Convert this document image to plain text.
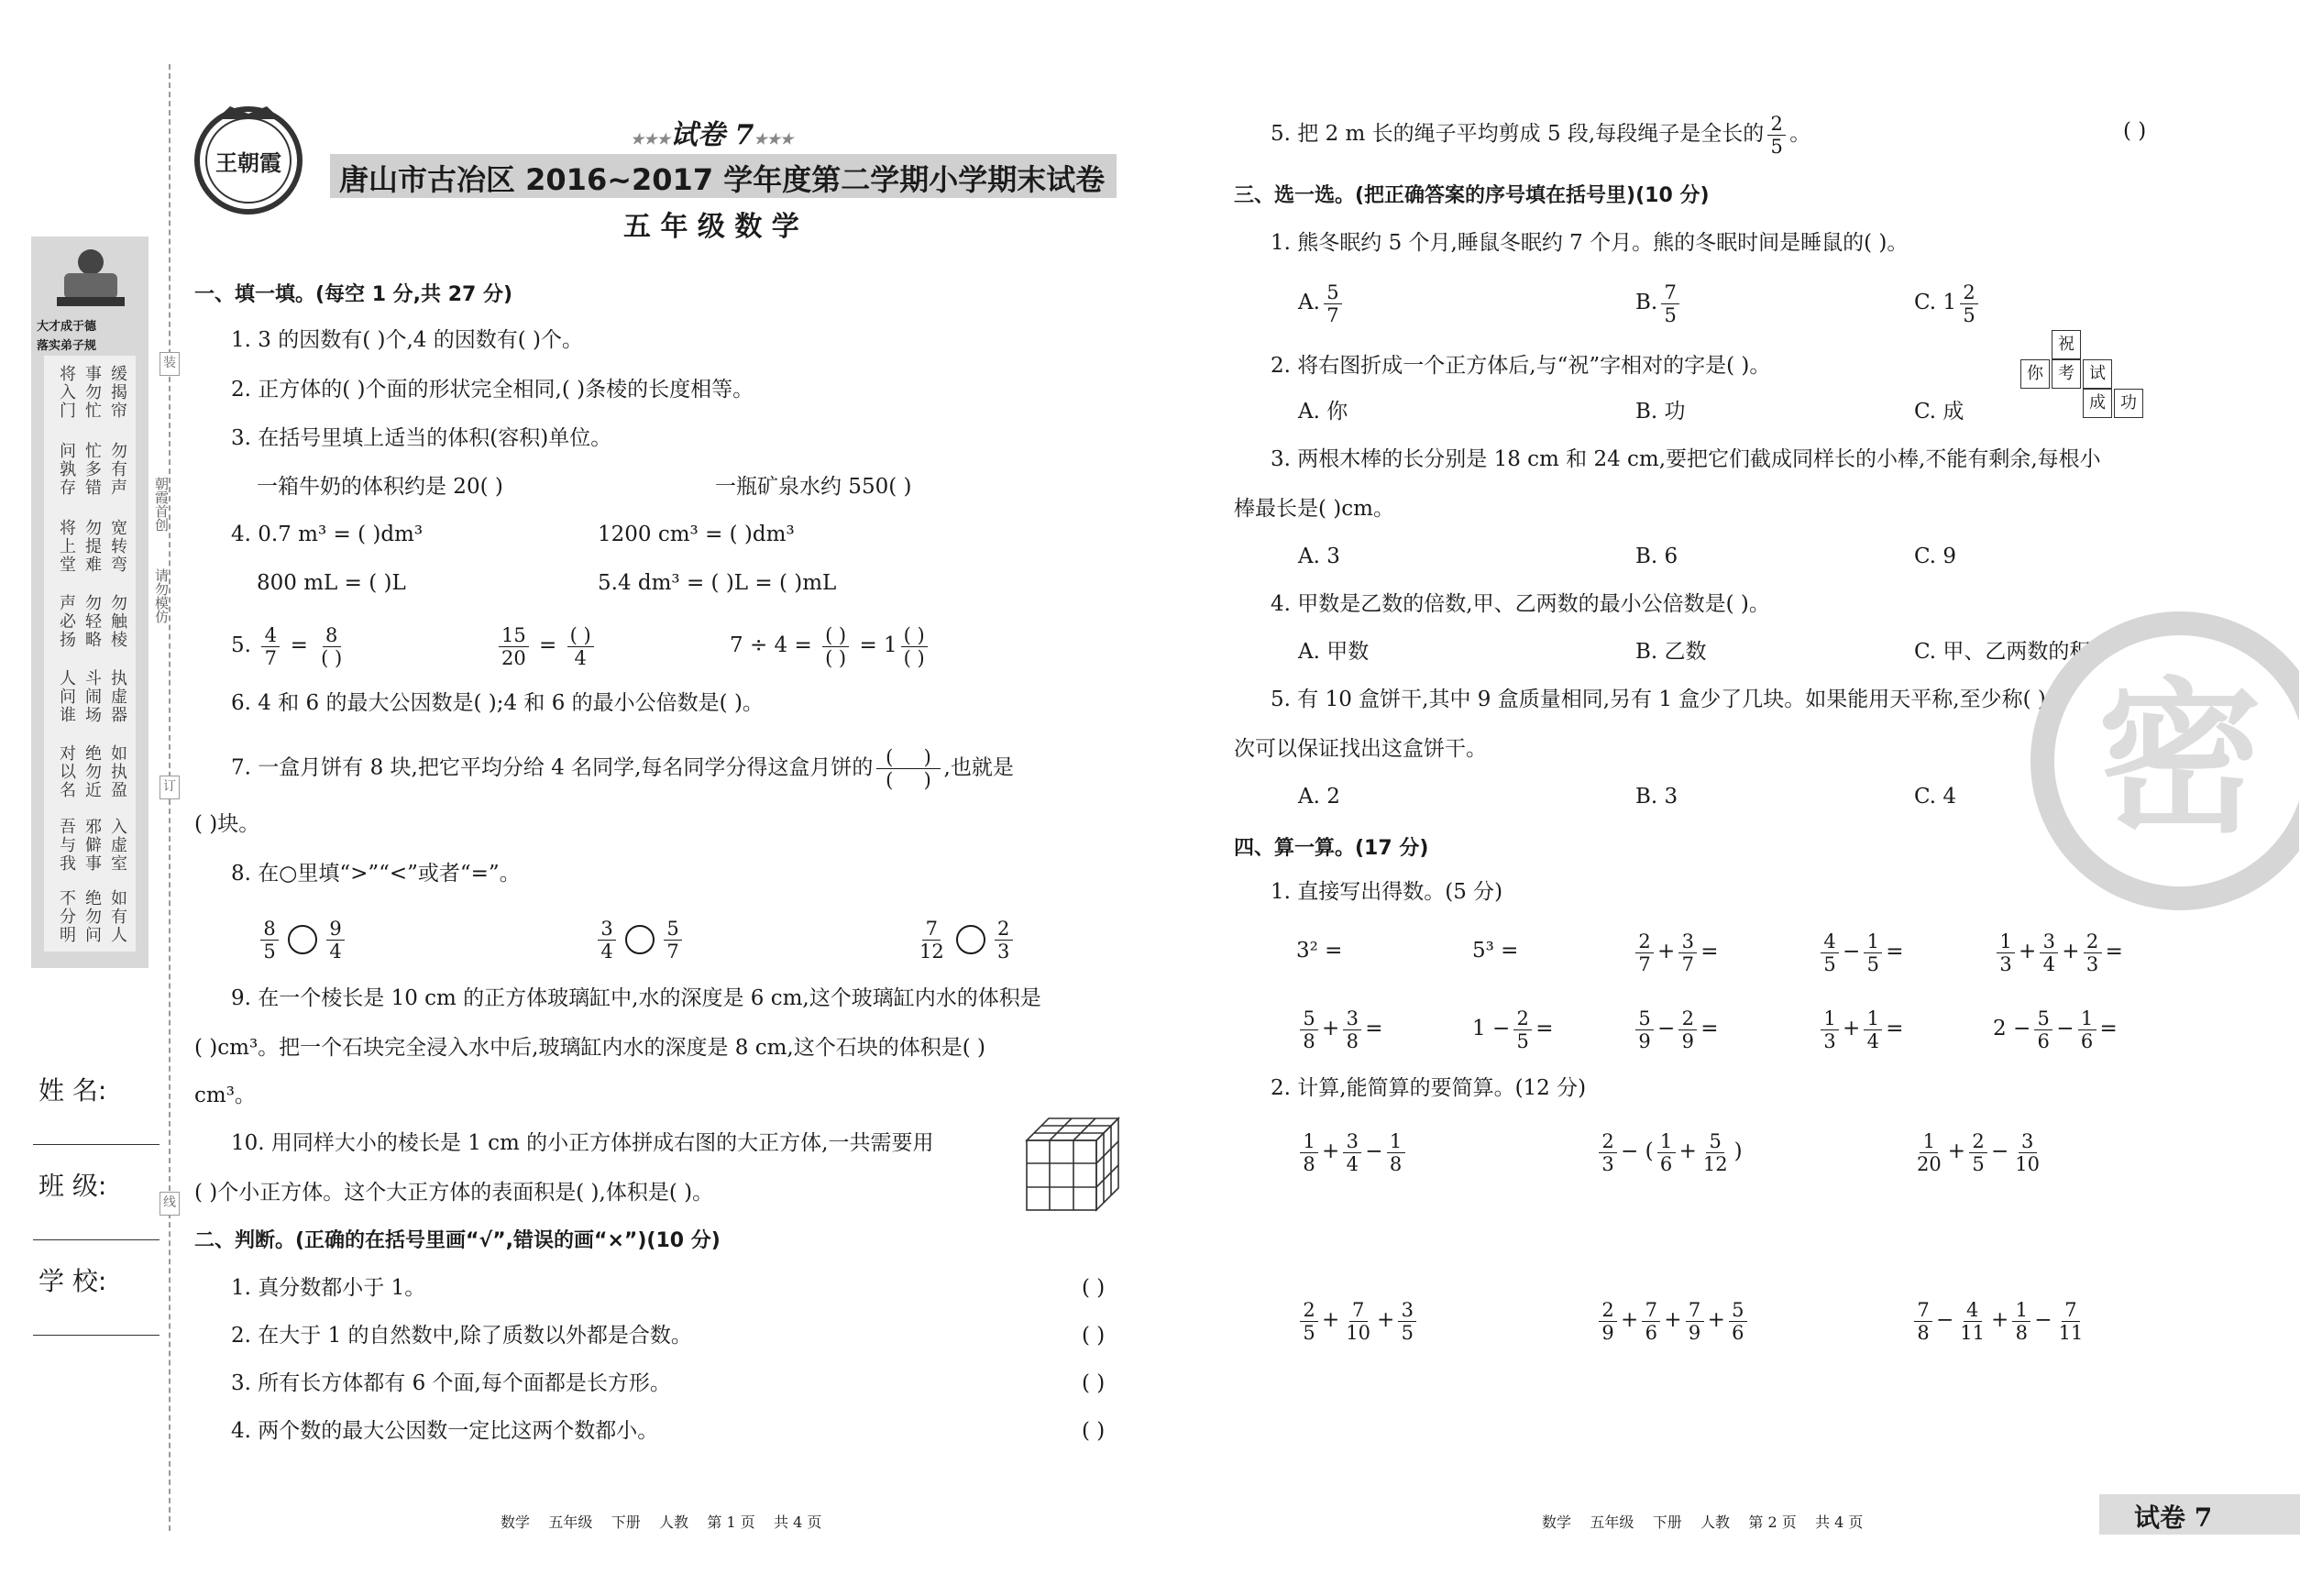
大才成于德
落实弟子规
将入门 事勿忙 缓揭帘
问孰存 忙多错 勿有声
将上堂 勿提难 宽转弯
声必扬 勿轻略 勿触棱
人问谁 斗闹场 执虚器
对以名 绝勿近 如执盈
吾与我 邪僻事 入虚室
不分明 绝勿问 如有人
朝霞首创
请勿模仿
装
订
线
姓 名:
班 级:
学 校:
王朝霞
★★★试卷 7★★★
唐山市古冶区 2016~2017 学年度第二学期小学期末试卷
五 年 级 数 学
一、填一填。(每空 1 分,共 27 分)
1. 3 的因数有( )个,4 的因数有( )个。
2. 正方体的( )个面的形状完全相同,( )条棱的长度相等。
3. 在括号里填上适当的体积(容积)单位。
一箱牛奶的体积约是 20( )	一瓶矿泉水约 550( )
4. 0.7 m³ = ( )dm³	1200 cm³ = ( )dm³
800 mL = ( )L	5.4 dm³ = ( )L = ( )mL
5. $\frac{4}{7} = \frac{8}{( )}$	$\frac{15}{20} = \frac{( )}{4}$	$7 \div 4 = \frac{( )}{( )} = 1 \frac{( )}{( )}$
6. 4 和 6 的最大公因数是( );4 和 6 的最小公倍数是( )。
7. 一盒月饼有 8 块,把它平均分给 4 名同学,每名同学分得这盒月饼的 $\frac{( )}{( )}$ ,也就是
( )块。
8. 在○里填“>”“<”或者“=”。
$\frac{8}{5} \frac{9}{4}$	$\frac{3}{4} \frac{5}{7}$	$\frac{7}{12} \frac{2}{3}$
9. 在一个棱长是 10 cm 的正方体玻璃缸中,水的深度是 6 cm,这个玻璃缸内水的体积是
( )cm³。把一个石块完全浸入水中后,玻璃缸内水的深度是 8 cm,这个石块的体积是( )
cm³。
10. 用同样大小的棱长是 1 cm 的小正方体拼成右图的大正方体,一共需要用
( )个小正方体。这个大正方体的表面积是( ),体积是( )。
二、判断。(正确的在括号里画“√”,错误的画“×”)(10 分)
1. 真分数都小于 1。	( )
2. 在大于 1 的自然数中,除了质数以外都是合数。	( )
3. 所有长方体都有 6 个面,每个面都是长方形。	( )
4. 两个数的最大公因数一定比这两个数都小。	( )
数学    五年级    下册    人教    第 1 页    共 4 页
5. 把 2 m 长的绳子平均剪成 5 段,每段绳子是全长的 $\frac{2}{5}$ 。	( )
三、选一选。(把正确答案的序号填在括号里)(10 分)
1. 熊冬眠约 5 个月,睡鼠冬眠约 7 个月。熊的冬眠时间是睡鼠的( )。
A. $\frac{5}{7}$	B. $\frac{7}{5}$	C. $1 \frac{2}{5}$
2. 将右图折成一个正方体后,与“祝”字相对的字是( )。
A. 你	B. 功	C. 成
祝
你 考 试
成 功
3. 两根木棒的长分别是 18 cm 和 24 cm,要把它们截成同样长的小棒,不能有剩余,每根小
棒最长是( )cm。
A. 3	B. 6	C. 9
4. 甲数是乙数的倍数,甲、乙两数的最小公倍数是( )。
A. 甲数	B. 乙数	C. 甲、乙两数的积
5. 有 10 盒饼干,其中 9 盒质量相同,另有 1 盒少了几块。如果能用天平称,至少称( )
次可以保证找出这盒饼干。
A. 2	B. 3	C. 4 密
四、算一算。(17 分)
1. 直接写出得数。(5 分)
3² =	5³ =	$\frac{2}{7} + \frac{3}{7}$ =	$\frac{4}{5} - \frac{1}{5}$ =	$\frac{1}{3} + \frac{3}{4} + \frac{2}{3}$ =
$\frac{5}{8} + \frac{3}{8}$ =	$1 - \frac{2}{5}$ =	$\frac{5}{9} - \frac{2}{9}$ =	$\frac{1}{3} + \frac{1}{4}$ =	$2 - \frac{5}{6} - \frac{1}{6}$ =
2. 计算,能简算的要简算。(12 分)
$\frac{1}{8} + \frac{3}{4} - \frac{1}{8}$	$\frac{2}{3}$ − ( $\frac{1}{6} + \frac{5}{12}$ )	$\frac{1}{20} + \frac{2}{5} - \frac{3}{10}$
$\frac{2}{5} + \frac{7}{10} + \frac{3}{5}$	$\frac{2}{9} + \frac{7}{6} + \frac{7}{9} + \frac{5}{6}$	$\frac{7}{8} - \frac{4}{11} + \frac{1}{8} - \frac{7}{11}$
数学    五年级    下册    人教    第 2 页    共 4 页	试卷 7
